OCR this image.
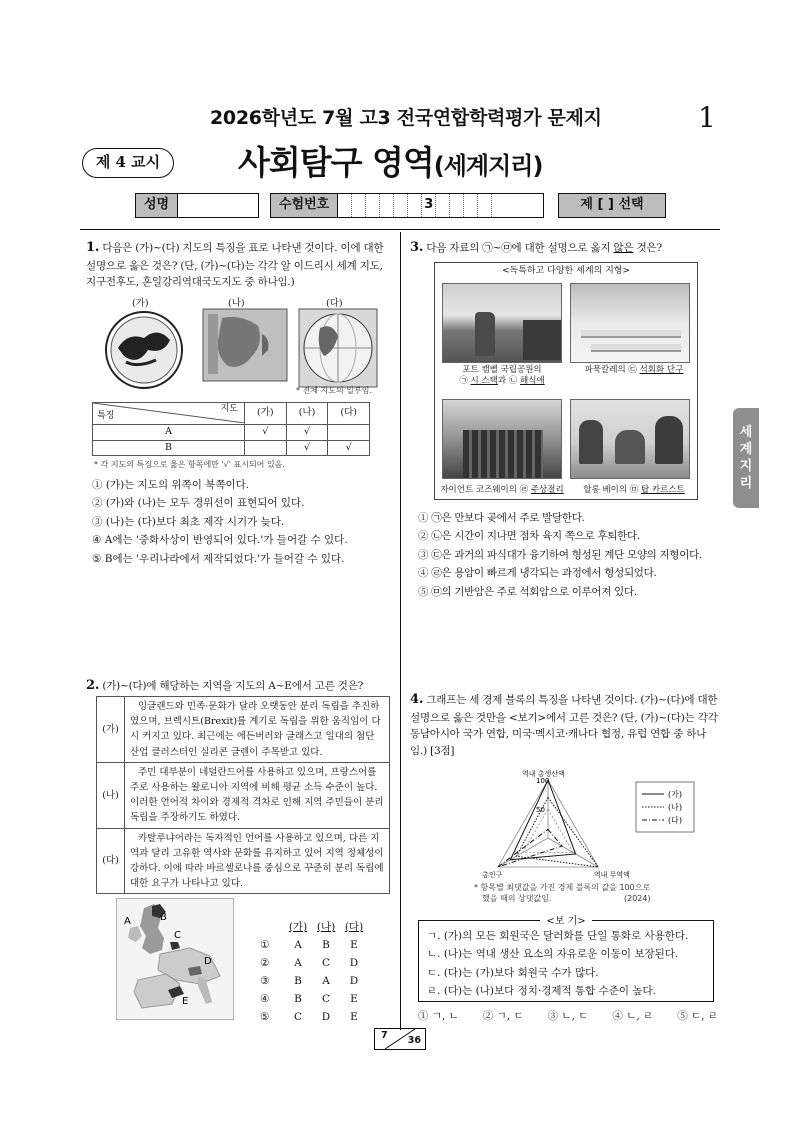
2026학년도 7월 고3 전국연합학력평가 문제지	1
제 4 교시	사회탐구 영역(세계지리)
성명	수험번호	3	제 [ ] 선택
세
계
지
리
1. 다음은 (가)~(다) 지도의 특징을 표로 나타낸 것이다. 이에 대한 설명으로 옳은 것은? (단, (가)~(다)는 각각 알 이드리시 세계 지도, 지구전후도, 혼일강리역대국도지도 중 하나임.)
(가)	(나)	(다)
* 전체 지도의 일부임.
지도
특징	(가)	(나)	(다)
A	√	√	
B		√	√
* 각 지도의 특징으로 옳은 항목에만 '√' 표시되어 있음.
① (가)는 지도의 위쪽이 북쪽이다.
② (가)와 (나)는 모두 경위선이 표현되어 있다.
③ (나)는 (다)보다 최초 제작 시기가 늦다.
④ A에는 '중화사상이 반영되어 있다.'가 들어갈 수 있다.
⑤ B에는 '우리나라에서 제작되었다.'가 들어갈 수 있다.
2. (가)~(다)에 해당하는 지역을 지도의 A~E에서 고른 것은?
(가)	잉글랜드와 민족·문화가 달라 오랫동안 분리 독립을 추진하였으며, 브렉시트(Brexit)를 계기로 독립을 위한 움직임이 다시 커지고 있다. 최근에는 에든버러와 글래스고 일대의 첨단 산업 클러스터인 실리콘 글렌이 주목받고 있다.
(나)	주민 대부분이 네덜란드어를 사용하고 있으며, 프랑스어를 주로 사용하는 왈로니아 지역에 비해 평균 소득 수준이 높다. 이러한 언어적 차이와 경제적 격차로 인해 지역 주민들이 분리 독립을 주장하기도 하였다.
(다)	카탈루냐어라는 독자적인 언어를 사용하고 있으며, 다른 지역과 달리 고유한 역사와 문화를 유지하고 있어 지역 정체성이 강하다. 이에 따라 바르셀로나를 중심으로 꾸준히 분리 독립에 대한 요구가 나타나고 있다.
B
A
C
D
E
(가) (나) (다)
①	A	B	E
②	A	C	D
③	B	A	D
④	B	C	E
⑤	C	D	E
3. 다음 자료의 ㉠~㉤에 대한 설명으로 옳지 않은 것은?
<독특하고 다양한 세계의 지형>
포트 캠벨 국립공원의
㉠ 시 스택과 ㉡ 해식애
파묵칼레의 ㉢ 석회화 단구
자이언트 코즈웨이의 ㉣ 주상절리	할롱 베이의 ㉤ 탑 카르스트
① ㉠은 만보다 곶에서 주로 발달한다.
② ㉡은 시간이 지나면 점차 육지 쪽으로 후퇴한다.
③ ㉢은 과거의 파식대가 융기하여 형성된 계단 모양의 지형이다.
④ ㉣은 용암이 빠르게 냉각되는 과정에서 형성되었다.
⑤ ㉤의 기반암은 주로 석회암으로 이루어져 있다.
4. 그래프는 세 경제 블록의 특징을 나타낸 것이다. (가)~(다)에 대한 설명으로 옳은 것만을 <보기>에서 고른 것은? (단, (가)~(다)는 각각 동남아시아 국가 연합, 미국·멕시코·캐나다 협정, 유럽 연합 중 하나임.) [3점]
100
50
역내 총생산액
역내 무역액
총인구
(가)
(나)
(다)
* 항목별 최댓값을 가진 경제 블록의 값을 100으로
했을 때의 상댓값임.	(2024)
<보 기>
ㄱ. (가)의 모든 회원국은 달러화를 단일 통화로 사용한다.
ㄴ. (나)는 역내 생산 요소의 자유로운 이동이 보장된다.
ㄷ. (다)는 (가)보다 회원국 수가 많다.
ㄹ. (다)는 (나)보다 정치·경제적 통합 수준이 높다.
① ㄱ, ㄴ ② ㄱ, ㄷ ③ ㄴ, ㄷ ④ ㄴ, ㄹ ⑤ ㄷ, ㄹ
7 36
